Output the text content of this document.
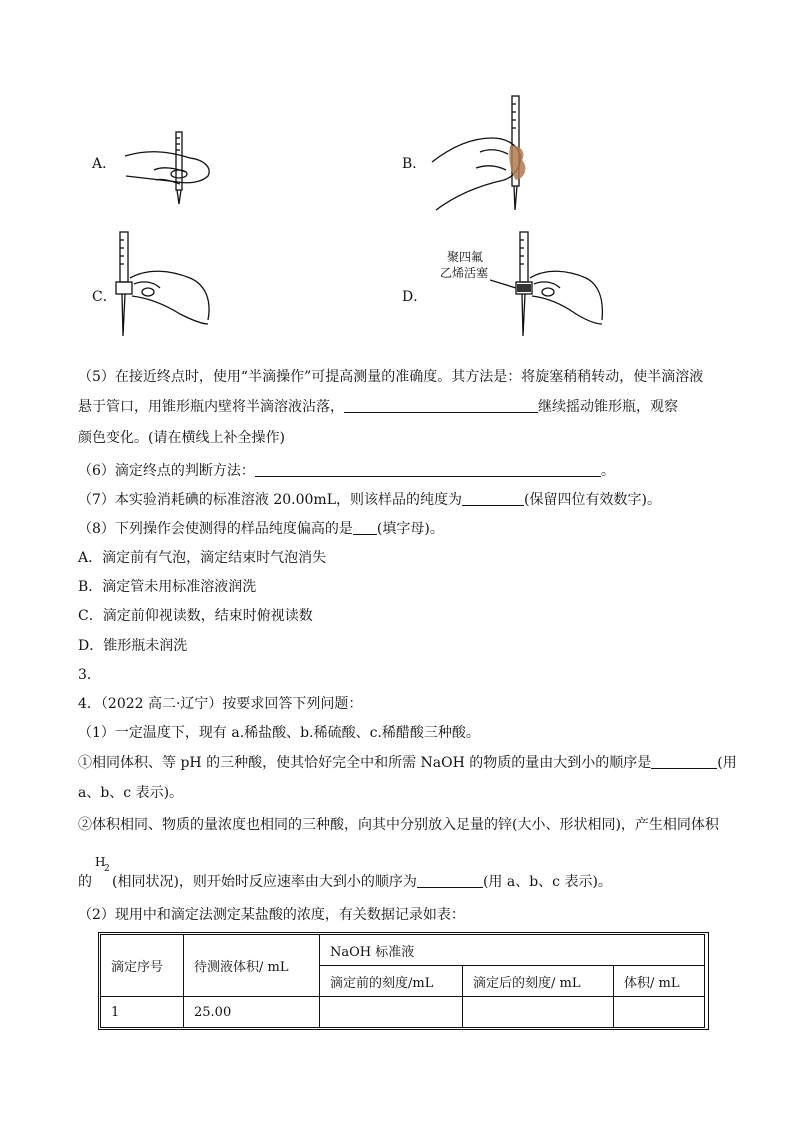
A．	B．
C．	D．
聚四氟
乙烯活塞
（5）在接近终点时，使用“半滴操作”可提高测量的准确度。其方法是：将旋塞稍稍转动，使半滴溶液
悬于管口，用锥形瓶内壁将半滴溶液沾落，	继续摇动锥形瓶，观察
颜色变化。(请在横线上补全操作)
（6）滴定终点的判断方法：	。
（7）本实验消耗碘的标准溶液 20.00mL，则该样品的纯度为	(保留四位有效数字)。
（8）下列操作会使测得的样品纯度偏高的是 (填字母)。
A．滴定前有气泡，滴定结束时气泡消失
B．滴定管未用标准溶液润洗
C．滴定前仰视读数，结束时俯视读数
D．锥形瓶未润洗
3．
4．（2022 高二·辽宁）按要求回答下列问题：
（1）一定温度下，现有 a.稀盐酸、b.稀硫酸、c.稀醋酸三种酸。
①相同体积、等 pH 的三种酸，使其恰好完全中和所需 NaOH 的物质的量由大到小的顺序是	(用
a、b、c 表示)。
②体积相同、物质的量浓度也相同的三种酸，向其中分别放入足量的锌(大小、形状相同)，产生相同体积
的
H
2
(相同状况)，则开始时反应速率由大到小的顺序为	(用 a、b、c 表示)。
（2）现用中和滴定法测定某盐酸的浓度，有关数据记录如表：
滴定序号	待测液体积/ mL	NaOH 标准液		
		滴定前的刻度/mL	滴定后的刻度/ mL	体积/ mL
1	25.00			
